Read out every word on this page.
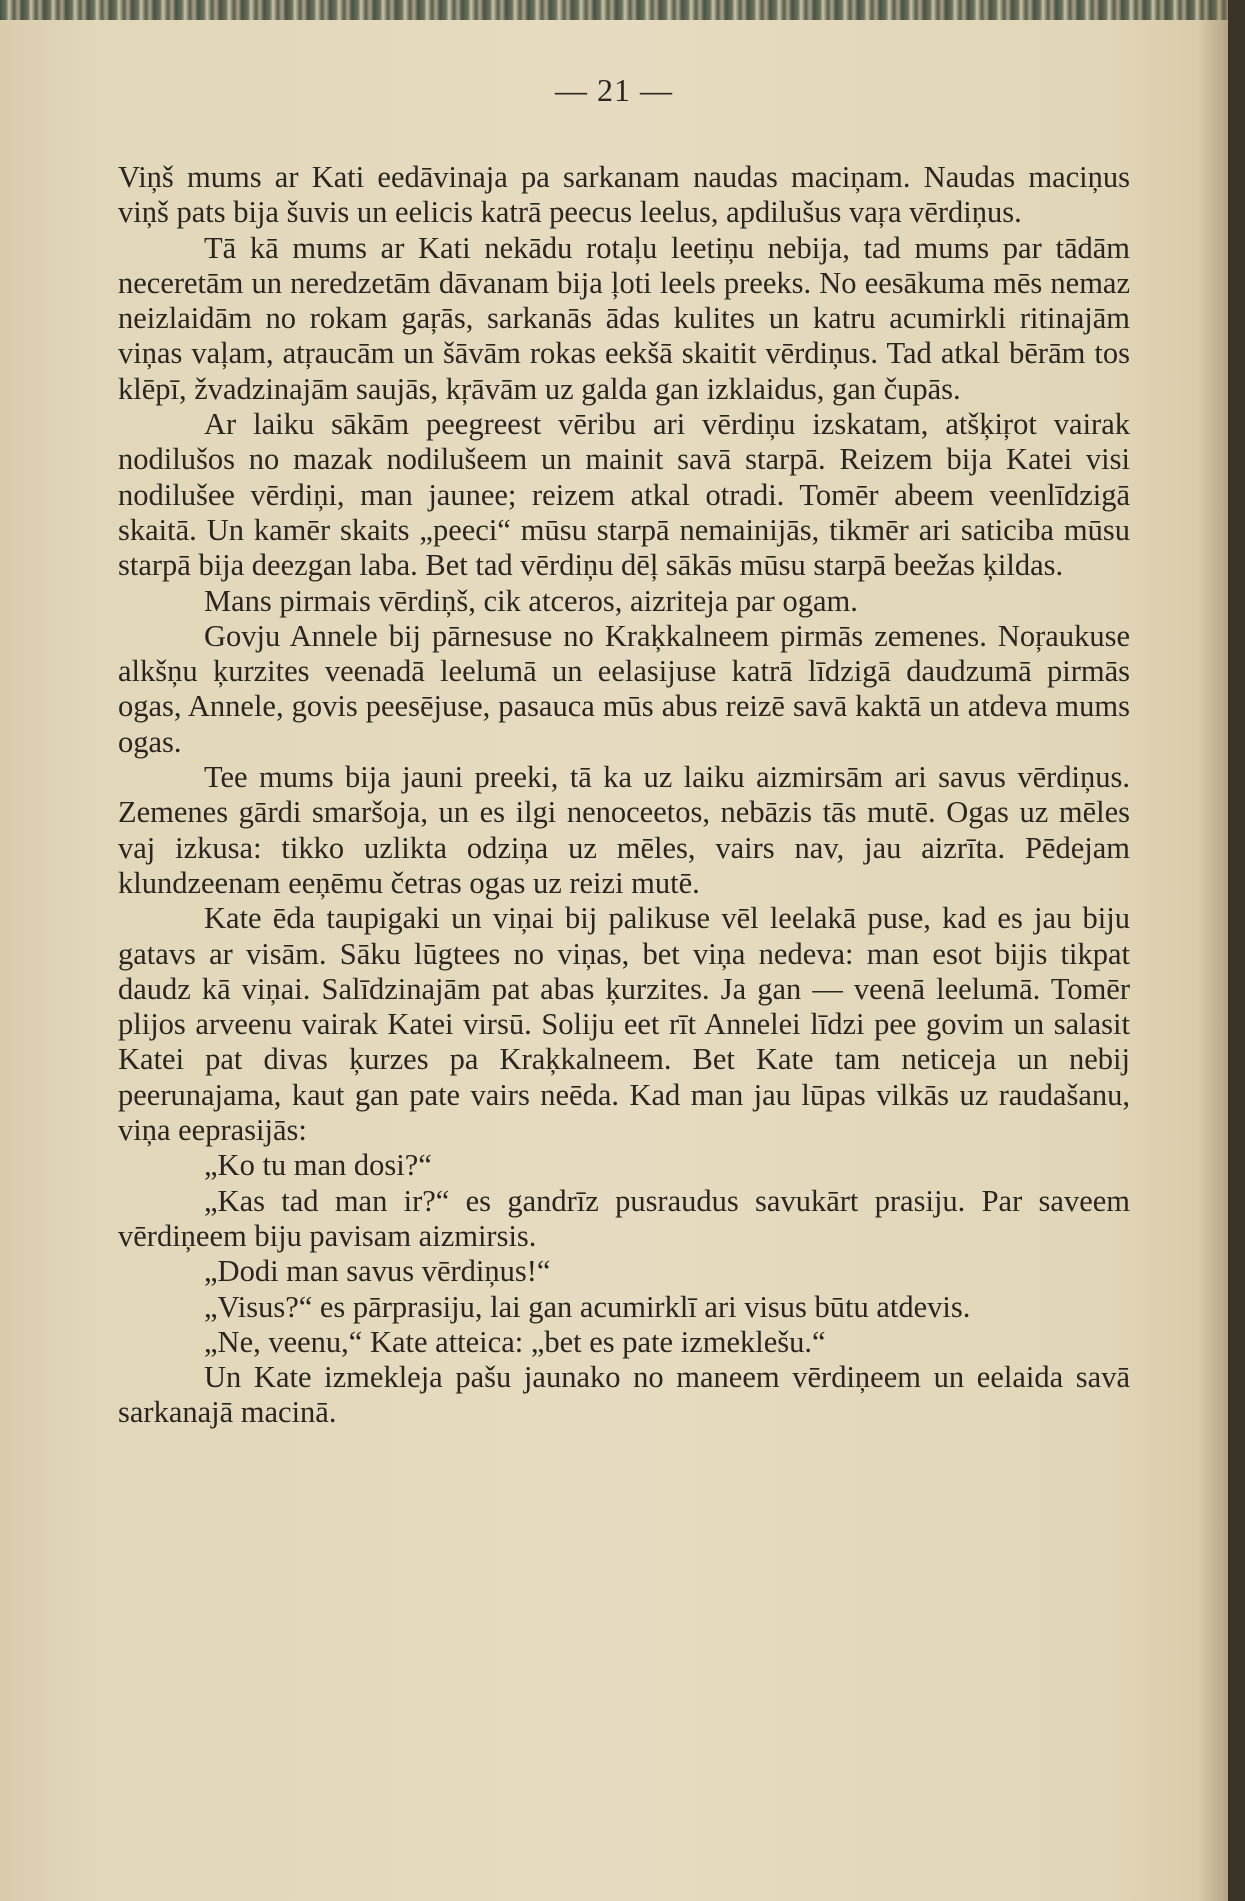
— 21 —

Viņš mums ar Kati eedāvinaja pa sarkanam naudas maciņam. Naudas maciņus viņš pats bija šuvis un eelicis katrā peecus leelus, apdilušus vaŗa vērdiņus.

Tā kā mums ar Kati nekādu rotaļu leetiņu nebija, tad mums par tādām neceretām un neredzetām dāvanam bija ļoti leels preeks. No eesākuma mēs nemaz neizlaidām no rokam gaŗās, sarkanās ādas kulites un katru acumirkli ritinajām viņas vaļam, atŗaucām un šāvām rokas eekšā skaitit vērdiņus. Tad atkal bērām tos klēpī, žvadzinajām saujās, kŗāvām uz galda gan izklaidus, gan čupās.

Ar laiku sākām peegreest vēribu ari vērdiņu izskatam, atšķiŗot vairak nodilušos no mazak nodilušeem un mainit savā starpā. Reizem bija Katei visi nodilušee vērdiņi, man jaunee; reizem atkal otradi. Tomēr abeem veenlīdzigā skaitā. Un kamēr skaits „peeci“ mūsu starpā nemainijās, tikmēr ari saticiba mūsu starpā bija deezgan laba. Bet tad vērdiņu dēļ sākās mūsu starpā beežas ķildas.

Mans pirmais vērdiņš, cik atceros, aizriteja par ogam.

Govju Annele bij pārnesuse no Kraķkalneem pirmās zemenes. Noŗaukuse alkšņu ķurzites veenadā leelumā un eelasijuse katrā līdzigā daudzumā pirmās ogas, Annele, govis peesējuse, pasauca mūs abus reizē savā kaktā un atdeva mums ogas.

Tee mums bija jauni preeki, tā ka uz laiku aizmirsām ari savus vērdiņus. Zemenes gārdi smaršoja, un es ilgi nenoceetos, nebāzis tās mutē. Ogas uz mēles vaj izkusa: tikko uzlikta odziņa uz mēles, vairs nav, jau aizrīta. Pēdejam klundzeenam eeņēmu četras ogas uz reizi mutē.

Kate ēda taupigaki un viņai bij palikuse vēl leelakā puse, kad es jau biju gatavs ar visām. Sāku lūgtees no viņas, bet viņa nedeva: man esot bijis tikpat daudz kā viņai. Salīdzinajām pat abas ķurzites. Ja gan — veenā leelumā. Tomēr plijos arveenu vairak Katei virsū. Soliju eet rīt Annelei līdzi pee govim un salasit Katei pat divas ķurzes pa Kraķkalneem. Bet Kate tam neticeja un nebij peerunajama, kaut gan pate vairs neēda. Kad man jau lūpas vilkās uz raudašanu, viņa eeprasijās:

„Ko tu man dosi?“

„Kas tad man ir?“ es gandrīz pusraudus savukārt prasiju. Par saveem vērdiņeem biju pavisam aizmirsis.

„Dodi man savus vērdiņus!“

„Visus?“ es pārprasiju, lai gan acumirklī ari visus būtu atdevis.

„Ne, veenu,“ Kate atteica: „bet es pate izmeklešu.“

Un Kate izmekleja pašu jaunako no maneem vērdiņeem un eelaida savā sarkanajā macinā.
